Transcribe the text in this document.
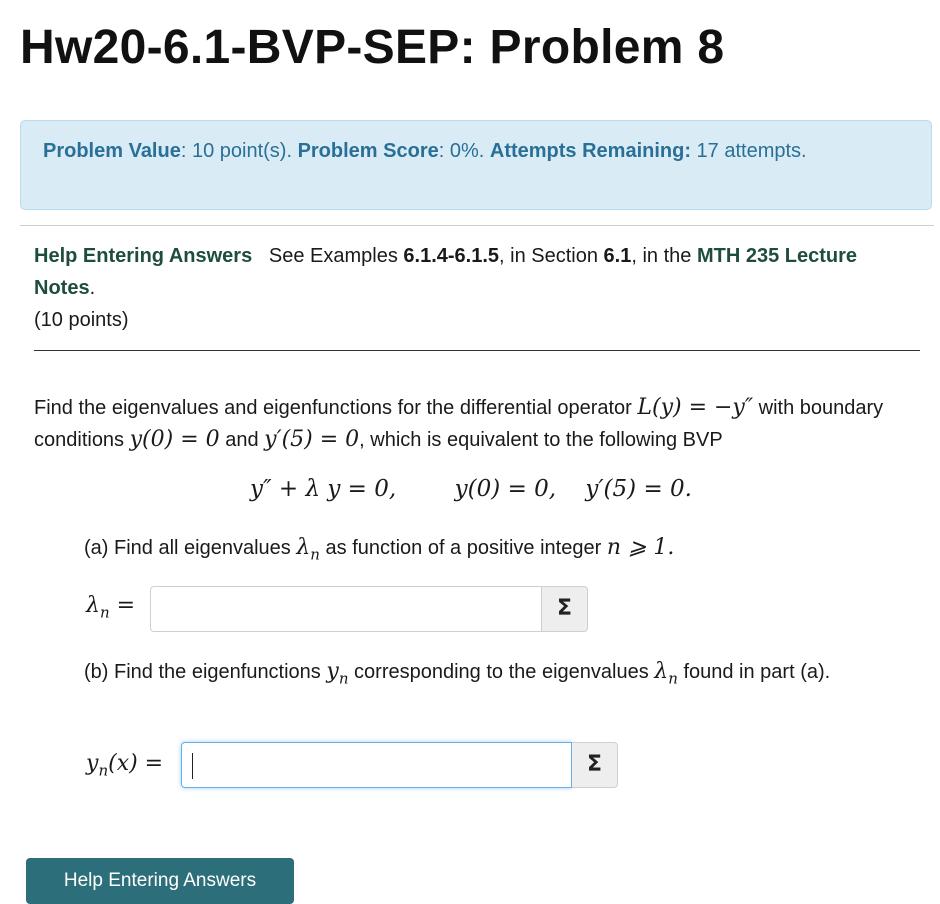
Hw20-6.1-BVP-SEP: Problem 8
Problem Value: 10 point(s). Problem Score: 0%. Attempts Remaining: 17 attempts.
Help Entering Answers See Examples 6.1.4-6.1.5, in Section 6.1, in the MTH 235 Lecture Notes.
(10 points)
Find the eigenvalues and eigenfunctions for the differential operator L(y) = −y″ with boundary conditions y(0) = 0 and y′(5) = 0, which is equivalent to the following BVP
y″ + λ y = 0,        y(0) = 0,    y′(5) = 0.
(a) Find all eigenvalues $\lambda_n$ as function of a positive integer n ⩾ 1.
$\lambda_n$ =	Σ
(b) Find the eigenfunctions $y_n$ corresponding to the eigenvalues $\lambda_n$ found in part (a).
$y_n(x)$ =	Σ
Help Entering Answers
